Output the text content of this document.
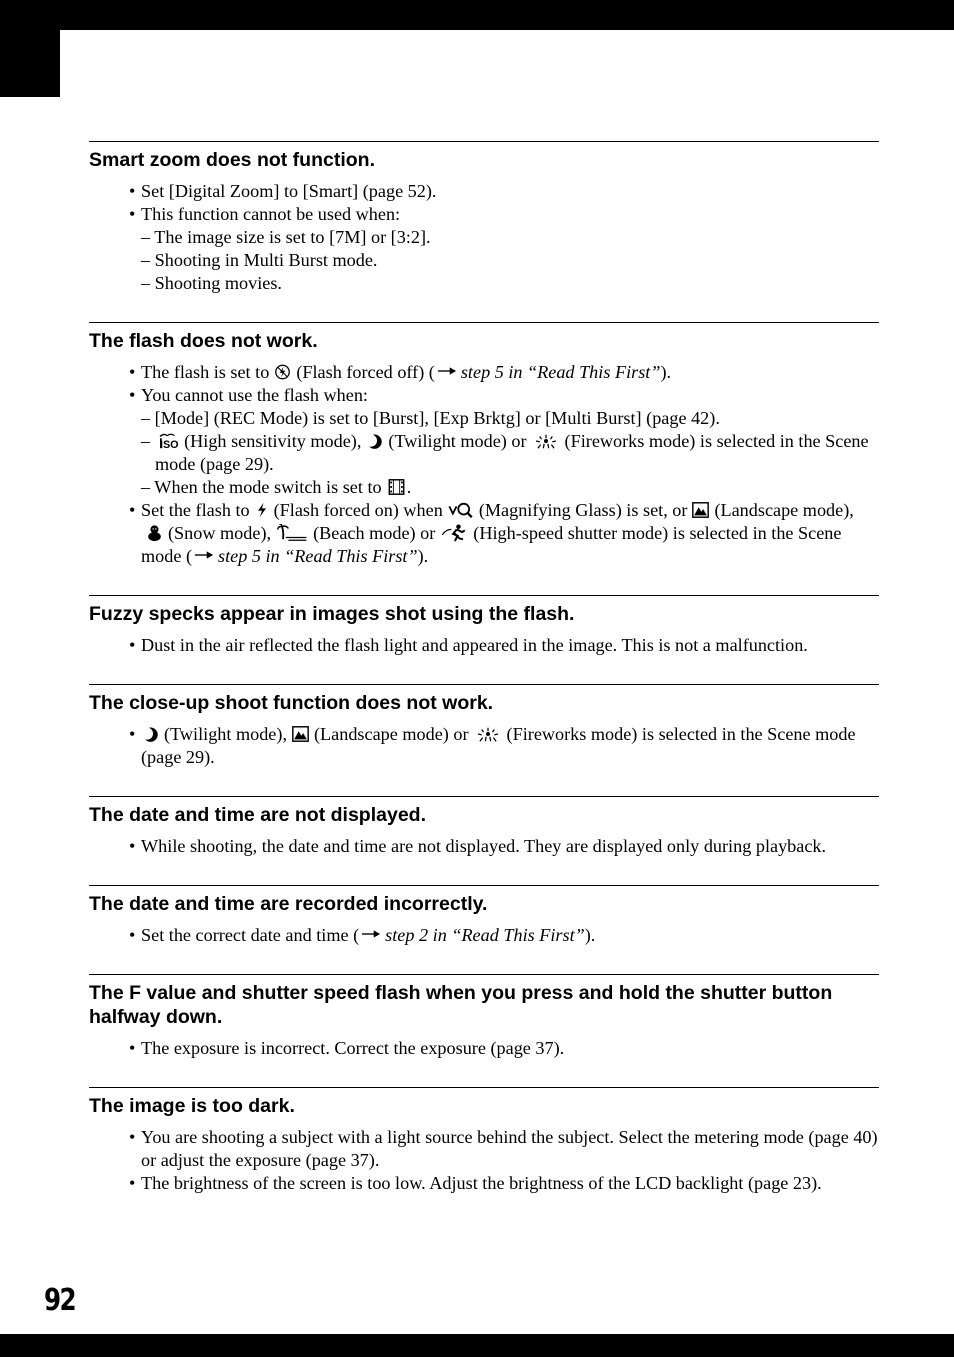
Smart zoom does not function.
• Set [Digital Zoom] to [Smart] (page 52).
• This function cannot be used when:
– The image size is set to [7M] or [3:2].
– Shooting in Multi Burst mode.
– Shooting movies.
The flash does not work.
• The flash is set to (Flash forced off) ( step 5 in “Read This First”).
• You cannot use the flash when:
– [Mode] (REC Mode) is set to [Burst], [Exp Brktg] or [Multi Burst] (page 42).
– (High sensitivity mode), (Twilight mode) or (Fireworks mode) is selected in the Scene mode (page 29).
– When the mode switch is set to .
• Set the flash to (Flash forced on) when (Magnifying Glass) is set, or (Landscape mode),
(Snow mode), (Beach mode) or (High-speed shutter mode) is selected in the Scene mode ( step 5 in “Read This First”).
Fuzzy specks appear in images shot using the flash.
• Dust in the air reflected the flash light and appeared in the image. This is not a malfunction.
The close-up shoot function does not work.
• (Twilight mode), (Landscape mode) or (Fireworks mode) is selected in the Scene mode (page 29).
The date and time are not displayed.
• While shooting, the date and time are not displayed. They are displayed only during playback.
The date and time are recorded incorrectly.
• Set the correct date and time ( step 2 in “Read This First”).
The F value and shutter speed flash when you press and hold the shutter button halfway down.
• The exposure is incorrect. Correct the exposure (page 37).
The image is too dark.
• You are shooting a subject with a light source behind the subject. Select the metering mode (page 40) or adjust the exposure (page 37).
• The brightness of the screen is too low. Adjust the brightness of the LCD backlight (page 23).
92
